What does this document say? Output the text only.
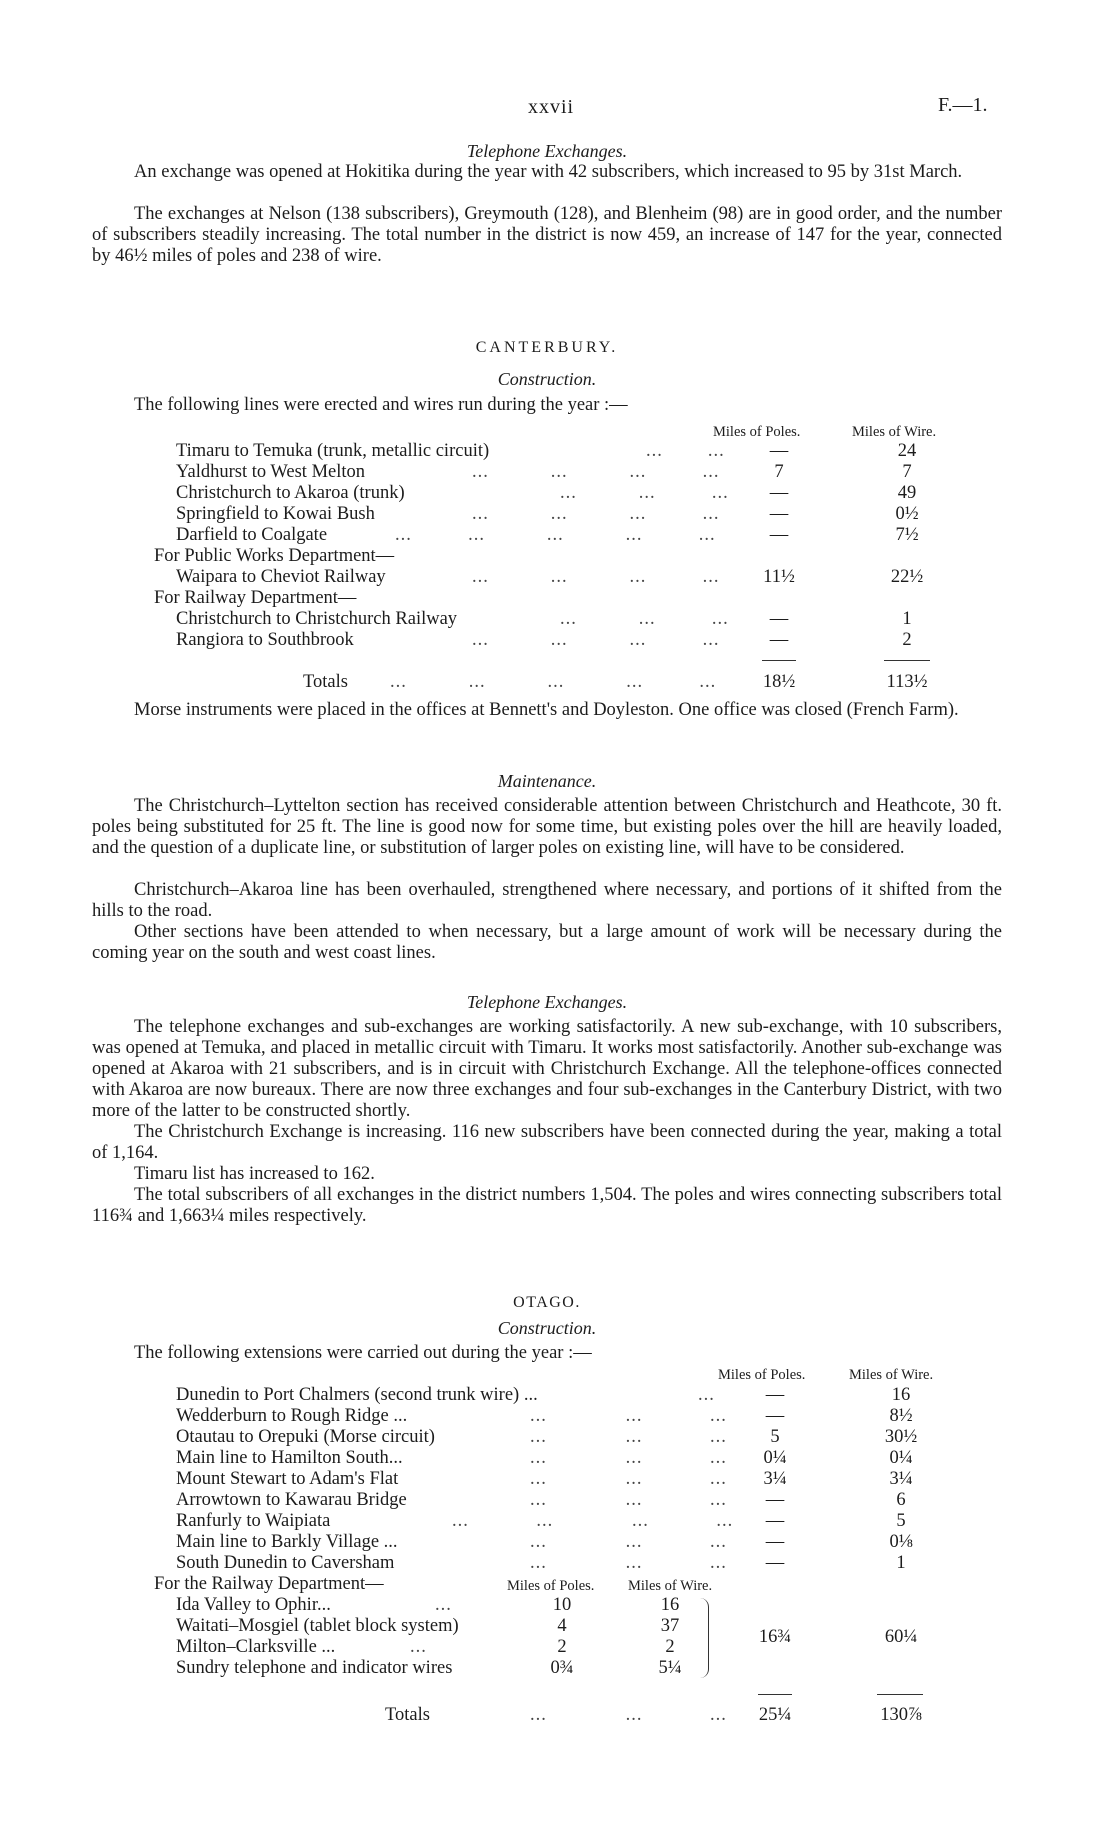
xxvii	F.—1.
Telephone Exchanges.
An exchange was opened at Hokitika during the year with 42 subscribers, which increased to 95 by 31st March.
The exchanges at Nelson (138 subscribers), Greymouth (128), and Blenheim (98) are in good order, and the number of subscribers steadily increasing. The total number in the district is now 459, an increase of 147 for the year, connected by 46½ miles of poles and 238 of wire.
CANTERBURY.
Construction.
The following lines were erected and wires run during the year :—
Miles of Poles.	Miles of Wire.
Timaru to Temuka (trunk, metallic circuit)	...        ...	—	24
Yaldhurst to West Melton	...           ...           ...          ...	7	7
Christchurch to Akaroa (trunk)	...           ...          ...	—	49
Springfield to Kowai Bush	...           ...           ...          ...	—	0½
Darfield to Coalgate	...          ...           ...           ...          ...	—	7½
For Public Works Department—
Waipara to Cheviot Railway	...           ...           ...          ...	11½	22½
For Railway Department—
Christchurch to Christchurch Railway	...           ...          ...	—	1
Rangiora to Southbrook	...           ...           ...          ...	—	2
Totals ...           ...           ...           ...          ...	18½	113½
Morse instruments were placed in the offices at Bennett's and Doyleston. One office was closed (French Farm).
Maintenance.
The Christchurch–Lyttelton section has received considerable attention between Christchurch and Heathcote, 30 ft. poles being substituted for 25 ft. The line is good now for some time, but existing poles over the hill are heavily loaded, and the question of a duplicate line, or substitution of larger poles on existing line, will have to be considered.
Christchurch–Akaroa line has been overhauled, strengthened where necessary, and portions of it shifted from the hills to the road.
Other sections have been attended to when necessary, but a large amount of work will be necessary during the coming year on the south and west coast lines.
Telephone Exchanges.
The telephone exchanges and sub-exchanges are working satisfactorily. A new sub-exchange, with 10 subscribers, was opened at Temuka, and placed in metallic circuit with Timaru. It works most satisfactorily. Another sub-exchange was opened at Akaroa with 21 subscribers, and is in circuit with Christchurch Exchange. All the telephone-offices connected with Akaroa are now bureaux. There are now three exchanges and four sub-exchanges in the Canterbury District, with two more of the latter to be constructed shortly.
The Christchurch Exchange is increasing. 116 new subscribers have been connected during the year, making a total of 1,164.
Timaru list has increased to 162.
The total subscribers of all exchanges in the district numbers 1,504. The poles and wires connecting subscribers total 116¾ and 1,663¼ miles respectively.
OTAGO.
Construction.
The following extensions were carried out during the year :—
Miles of Poles.	Miles of Wire.
Dunedin to Port Chalmers (second trunk wire) ...	...	—	16
Wedderburn to Rough Ridge ...	...              ...            ...	—	8½
Otautau to Orepuki (Morse circuit)	...              ...            ...	5	30½
Main line to Hamilton South...	...              ...            ...	0¼	0¼
Mount Stewart to Adam's Flat	...              ...            ...	3¼	3¼
Arrowtown to Kawarau Bridge	...              ...            ...	—	6
Ranfurly to Waipiata	...            ...              ...            ...	—	5
Main line to Barkly Village ...	...              ...            ...	—	0⅛
South Dunedin to Caversham	...              ...            ...	—	1
For the Railway Department—	Miles of Poles. Miles of Wire.
Ida Valley to Ophir...	...	10	16
Waitati–Mosgiel (tablet block system)	4	37
Milton–Clarksville ...	...	2	2
Sundry telephone and indicator wires	0¾	5¼
16¾	60¼
Totals	...              ...            ...	25¼	130⅞
